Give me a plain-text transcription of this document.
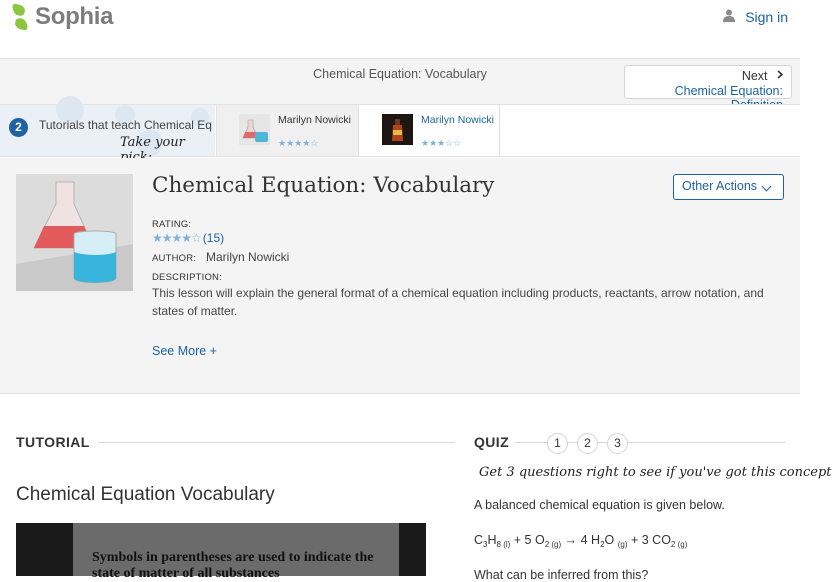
Sophia	Sign in
Chemical Equation: Vocabulary	Next
Chemical Equation:
2	Tutorials that teach Chemical Eq
Take your
Marilyn Nowicki
★★★★☆
Marilyn Nowicki
★★★☆☆
Chemical Equation: Vocabulary	Other Actions
RATING:
★★★★☆ (15)
AUTHOR: Marilyn Nowicki
DESCRIPTION:
This lesson will explain the general format of a chemical equation including products, reactants, arrow notation, and states of matter.
See More +
TUTORIAL
Chemical Equation Vocabulary
Symbols in parentheses are used to indicate the state of matter of all substances
QUIZ	1	2	3
Get 3 questions right to see if you've got this concept
A balanced chemical equation is given below.
$C_3H_{8 (l)} + 5$ $O_{2 (g)} \to 4$ $H_2O$ $_{(g)}$ + 3 $CO_{2 (g)}$
What can be inferred from this?
